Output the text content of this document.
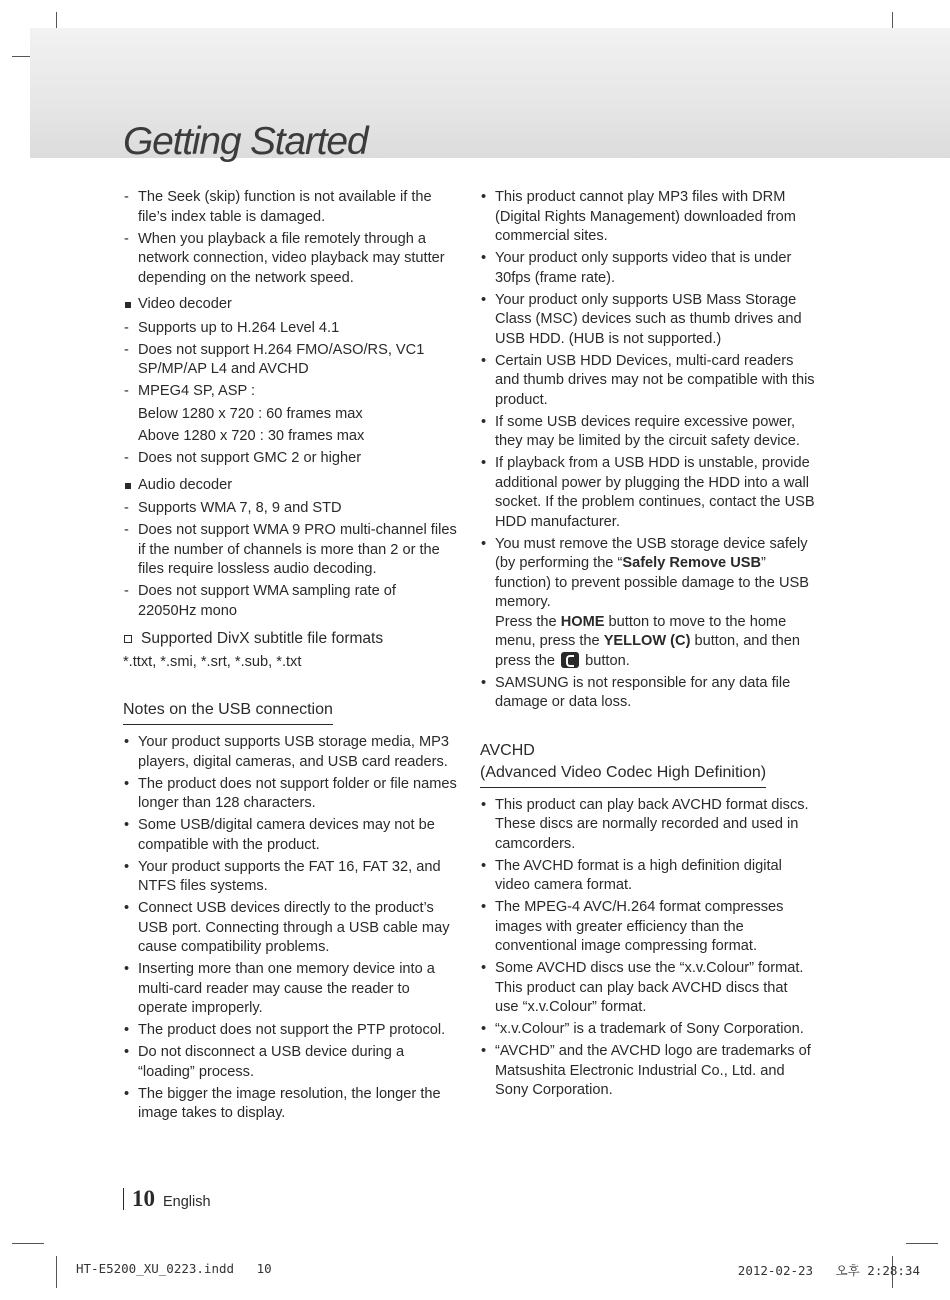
Getting Started
- The Seek (skip) function is not available if the file’s index table is damaged.
- When you playback a file remotely through a network connection, video playback may stutter depending on the network speed.
Video decoder
- Supports up to H.264 Level 4.1
- Does not support H.264 FMO/ASO/RS, VC1 SP/MP/AP L4 and AVCHD
- MPEG4 SP, ASP :
Below 1280 x 720 : 60 frames max
Above 1280 x 720 : 30 frames max
- Does not support GMC 2 or higher
Audio decoder
- Supports WMA 7, 8, 9 and STD
- Does not support WMA 9 PRO multi-channel files if the number of channels is more than 2 or the files require lossless audio decoding.
- Does not support WMA sampling rate of 22050Hz mono
Supported DivX subtitle file formats
*.ttxt, *.smi, *.srt, *.sub, *.txt
Notes on the USB connection
• Your product supports USB storage media, MP3 players, digital cameras, and USB card readers.
• The product does not support folder or file names longer than 128 characters.
• Some USB/digital camera devices may not be compatible with the product.
• Your product supports the FAT 16, FAT 32, and NTFS files systems.
• Connect USB devices directly to the product’s USB port. Connecting through a USB cable may cause compatibility problems.
• Inserting more than one memory device into a multi-card reader may cause the reader to operate improperly.
• The product does not support the PTP protocol.
• Do not disconnect a USB device during a “loading” process.
• The bigger the image resolution, the longer the image takes to display.
• This product cannot play MP3 files with DRM (Digital Rights Management) downloaded from commercial sites.
• Your product only supports video that is under 30fps (frame rate).
• Your product only supports USB Mass Storage Class (MSC) devices such as thumb drives and USB HDD. (HUB is not supported.)
• Certain USB HDD Devices, multi-card readers and thumb drives may not be compatible with this product.
• If some USB devices require excessive power, they may be limited by the circuit safety device.
• If playback from a USB HDD is unstable, provide additional power by plugging the HDD into a wall socket. If the problem continues, contact the USB HDD manufacturer.
• You must remove the USB storage device safely (by performing the “Safely Remove USB” function) to prevent possible damage to the USB memory.
Press the HOME button to move to the home menu, press the YELLOW (C) button, and then press the  button.
• SAMSUNG is not responsible for any data file damage or data loss.
AVCHD
(Advanced Video Codec High Definition)
• This product can play back AVCHD format discs. These discs are normally recorded and used in camcorders.
• The AVCHD format is a high definition digital video camera format.
• The MPEG-4 AVC/H.264 format compresses images with greater efficiency than the conventional image compressing format.
• Some AVCHD discs use the “x.v.Colour” format. This product can play back AVCHD discs that use “x.v.Colour” format.
• “x.v.Colour” is a trademark of Sony Corporation.
• “AVCHD” and the AVCHD logo are trademarks of Matsushita Electronic Industrial Co., Ltd. and Sony Corporation.
10 English
HT-E5200_XU_0223.indd   10	2012-02-23   오후 2:28:34
